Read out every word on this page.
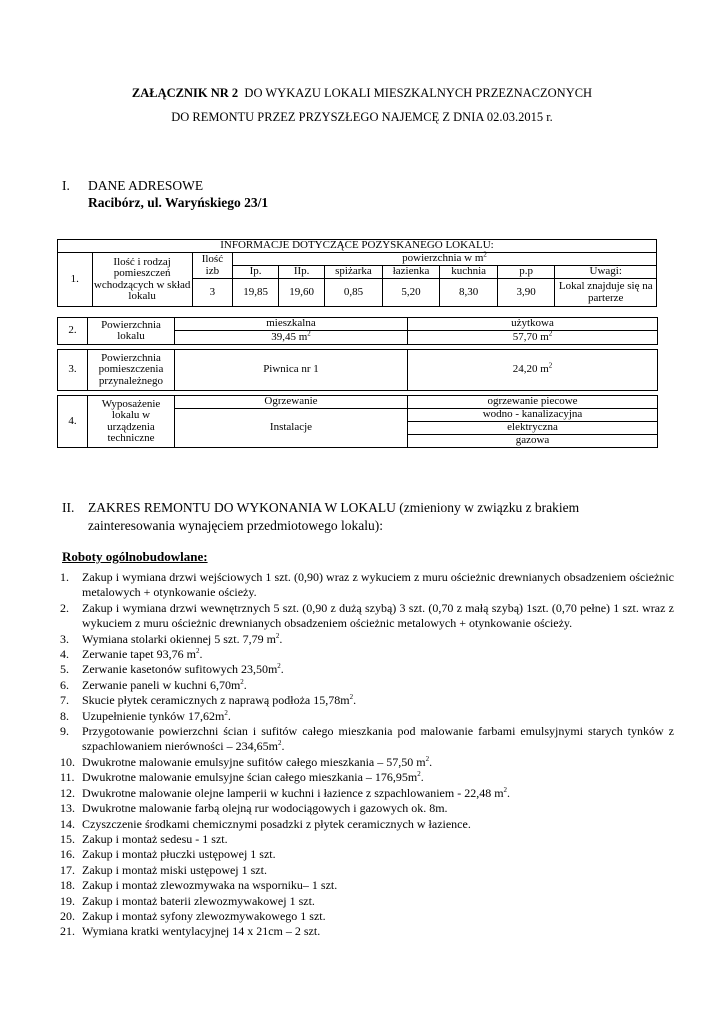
ZAŁĄCZNIK NR 2 DO WYKAZU LOKALI MIESZKALNYCH PRZEZNACZONYCH
DO REMONTU PRZEZ PRZYSZŁEGO NAJEMCĘ Z DNIA 02.03.2015 r.
I. DANE ADRESOWE
Racibórz, ul. Waryńskiego 23/1
INFORMACJE DOTYCZĄCE POZYSKANEGO LOKALU:									
1.	Ilość i rodzaj pomieszczeń wchodzących w skład lokalu	Ilość izb	powierzchnia w $m^2$
			Ip.	IIp.	spiżarka	łazienka	kuchnia	p.p	Uwagi:
		3	19,85	19,60	0,85	5,20	8,30	3,90	Lokal znajduje się na parterze
2.	Powierzchnia lokalu	mieszkalna	użytkowa
		39,45 $m^2$	57,70 $m^2$
3.	Powierzchnia pomieszczenia przynależnego	Piwnica nr 1	24,20 $m^2$
4.	Wyposażenie lokalu w urządzenia techniczne	Ogrzewanie	ogrzewanie piecowe
		Instalacje	wodno - kanalizacyjna
			elektryczna
			gazowa
II. ZAKRES REMONTU DO WYKONANIA W LOKALU (zmieniony w związku z brakiem
zainteresowania wynajęciem przedmiotowego lokalu):
Roboty ogólnobudowlane:
1. Zakup i wymiana drzwi wejściowych 1 szt. (0,90) wraz z wykuciem z muru ościeżnic drewnianych obsadzeniem ościeżnic metalowych + otynkowanie ościeży.
2. Zakup i wymiana drzwi wewnętrznych 5 szt. (0,90 z dużą szybą) 3 szt. (0,70 z małą szybą) 1szt. (0,70 pełne) 1 szt. wraz z wykuciem z muru ościeżnic drewnianych obsadzeniem ościeżnic metalowych + otynkowanie ościeży.
3. Wymiana stolarki okiennej 5 szt. 7,79 $m^2$.
4. Zerwanie tapet 93,76 $m^2$.
5. Zerwanie kasetonów sufitowych $23,50m^2$.
6. Zerwanie paneli w kuchni $6,70m^2$.
7. Skucie płytek ceramicznych z naprawą podłoża $15,78m^2$.
8. Uzupełnienie tynków $17,62m^2$.
9. Przygotowanie powierzchni ścian i sufitów całego mieszkania pod malowanie farbami emulsyjnymi starych tynków z szpachlowaniem nierówności – $234,65m^2$.
10. Dwukrotne malowanie emulsyjne sufitów całego mieszkania – 57,50 $m^2$.
11. Dwukrotne malowanie emulsyjne ścian całego mieszkania – $176,95m^2$.
12. Dwukrotne malowanie olejne lamperii w kuchni i łazience z szpachlowaniem - 22,48 $m^2$.
13. Dwukrotne malowanie farbą olejną rur wodociągowych i gazowych ok. 8m.
14. Czyszczenie środkami chemicznymi posadzki z płytek ceramicznych w łazience.
15. Zakup i montaż sedesu - 1 szt.
16. Zakup i montaż płuczki ustępowej 1 szt.
17. Zakup i montaż miski ustępowej 1 szt.
18. Zakup i montaż zlewozmywaka na wsporniku– 1 szt.
19. Zakup i montaż baterii zlewozmywakowej 1 szt.
20. Zakup i montaż syfony zlewozmywakowego 1 szt.
21. Wymiana kratki wentylacyjnej 14 x 21cm – 2 szt.
